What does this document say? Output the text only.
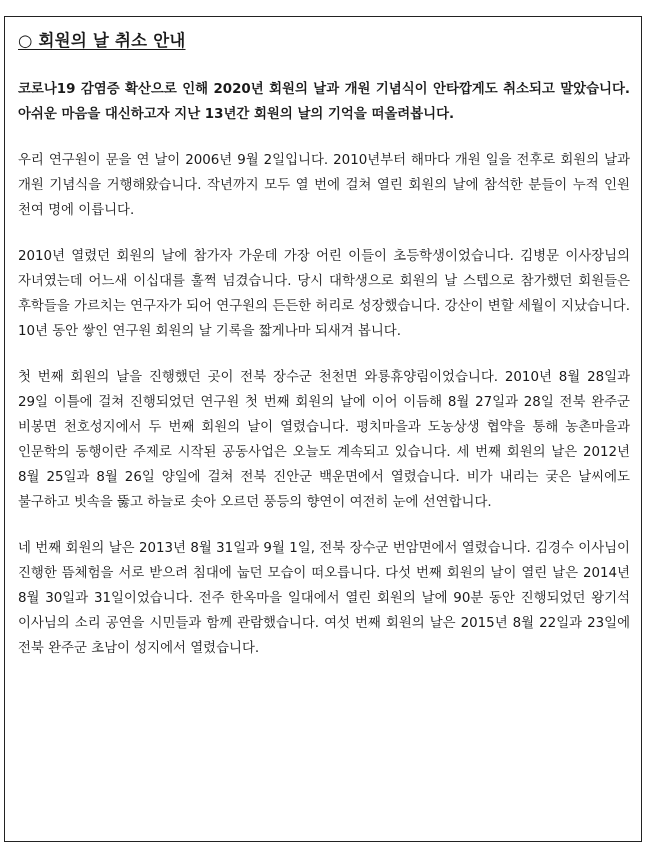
○ 회원의 날 취소 안내

코로나19 감염증 확산으로 인해 2020년 회원의 날과 개원 기념식이 안타깝게도 취소되고 말았습니다. 아쉬운 마음을 대신하고자 지난 13년간 회원의 날의 기억을 떠올려봅니다.

우리 연구원이 문을 연 날이 2006년 9월 2일입니다. 2010년부터 해마다 개원 일을 전후로 회원의 날과 개원 기념식을 거행해왔습니다. 작년까지 모두 열 번에 걸쳐 열린 회원의 날에 참석한 분들이 누적 인원 천여 명에 이릅니다.

2010년 열렸던 회원의 날에 참가자 가운데 가장 어린 이들이 초등학생이었습니다. 김병문 이사장님의 자녀였는데 어느새 이십대를 훌쩍 넘겼습니다. 당시 대학생으로 회원의 날 스텝으로 참가했던 회원들은 후학들을 가르치는 연구자가 되어 연구원의 든든한 허리로 성장했습니다. 강산이 변할 세월이 지났습니다. 10년 동안 쌓인 연구원 회원의 날 기록을 짧게나마 되새겨 봅니다.

첫 번째 회원의 날을 진행했던 곳이 전북 장수군 천천면 와룡휴양림이었습니다. 2010년 8월 28일과 29일 이틀에 걸쳐 진행되었던 연구원 첫 번째 회원의 날에 이어 이듬해 8월 27일과 28일 전북 완주군 비봉면 천호성지에서 두 번째 회원의 날이 열렸습니다. 평치마을과 도농상생 협약을 통해 농촌마을과 인문학의 동행이란 주제로 시작된 공동사업은 오늘도 계속되고 있습니다. 세 번째 회원의 날은 2012년 8월 25일과 8월 26일 양일에 걸쳐 전북 진안군 백운면에서 열렸습니다. 비가 내리는 궂은 날씨에도 불구하고 빗속을 뚫고 하늘로 솟아 오르던 풍등의 향연이 여전히 눈에 선연합니다.

네 번째 회원의 날은 2013년 8월 31일과 9월 1일, 전북 장수군 번암면에서 열렸습니다. 김경수 이사님이 진행한 뜸체험을 서로 받으려 침대에 눕던 모습이 떠오릅니다. 다섯 번째 회원의 날이 열린 날은 2014년 8월 30일과 31일이었습니다. 전주 한옥마을 일대에서 열린 회원의 날에 90분 동안 진행되었던 왕기석 이사님의 소리 공연을 시민들과 함께 관람했습니다. 여섯 번째 회원의 날은 2015년 8월 22일과 23일에 전북 완주군 초남이 성지에서 열렸습니다.
